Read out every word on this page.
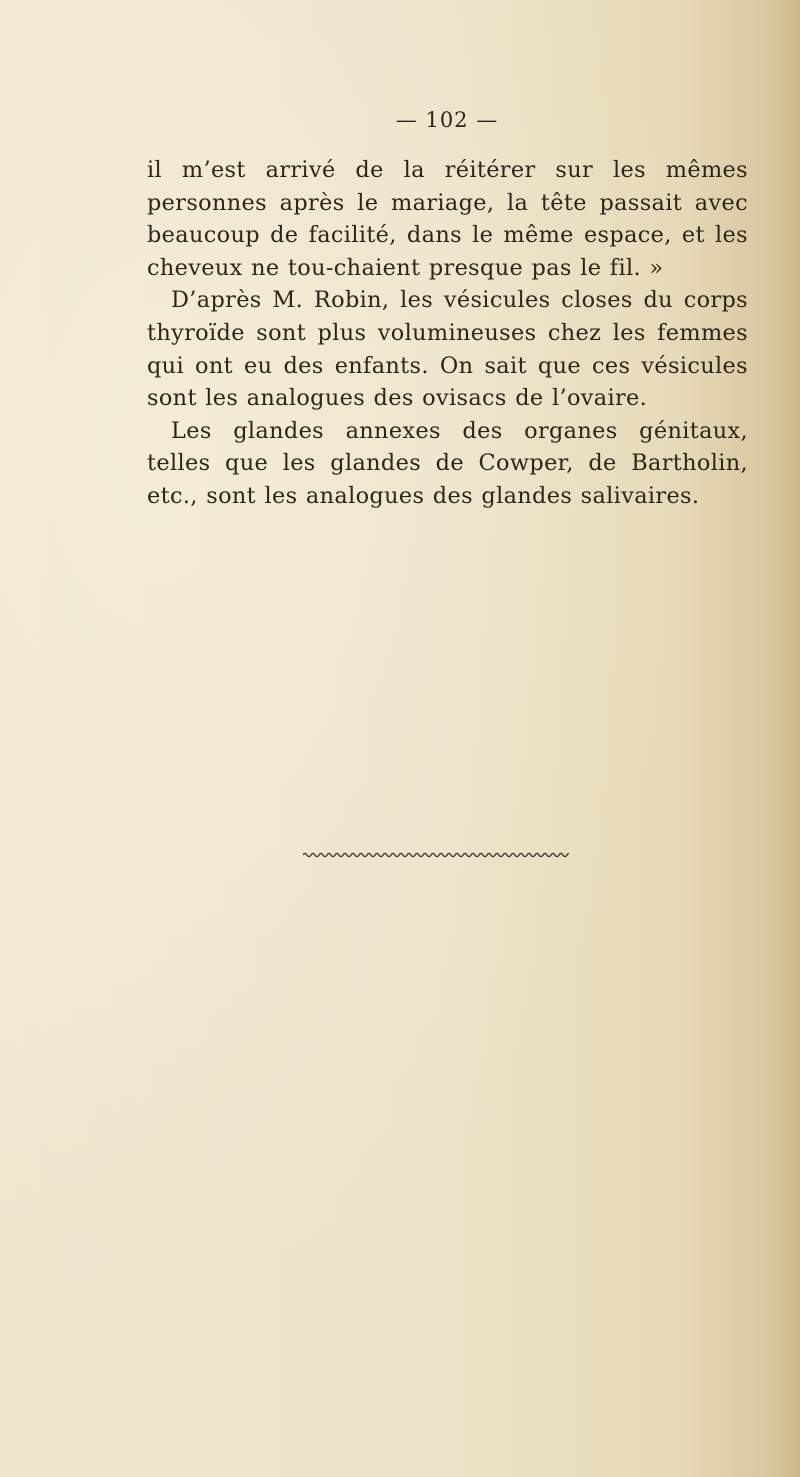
— 102 —

il m’est arrivé de la réitérer sur les mêmes personnes après le mariage, la tête passait avec beaucoup de facilité, dans le même espace, et les cheveux ne tou-chaient presque pas le fil. »

D’après M. Robin, les vésicules closes du corps thyroïde sont plus volumineuses chez les femmes qui ont eu des enfants. On sait que ces vésicules sont les analogues des ovisacs de l’ovaire.

Les glandes annexes des organes génitaux, telles que les glandes de Cowper, de Bartholin, etc., sont les analogues des glandes salivaires.
